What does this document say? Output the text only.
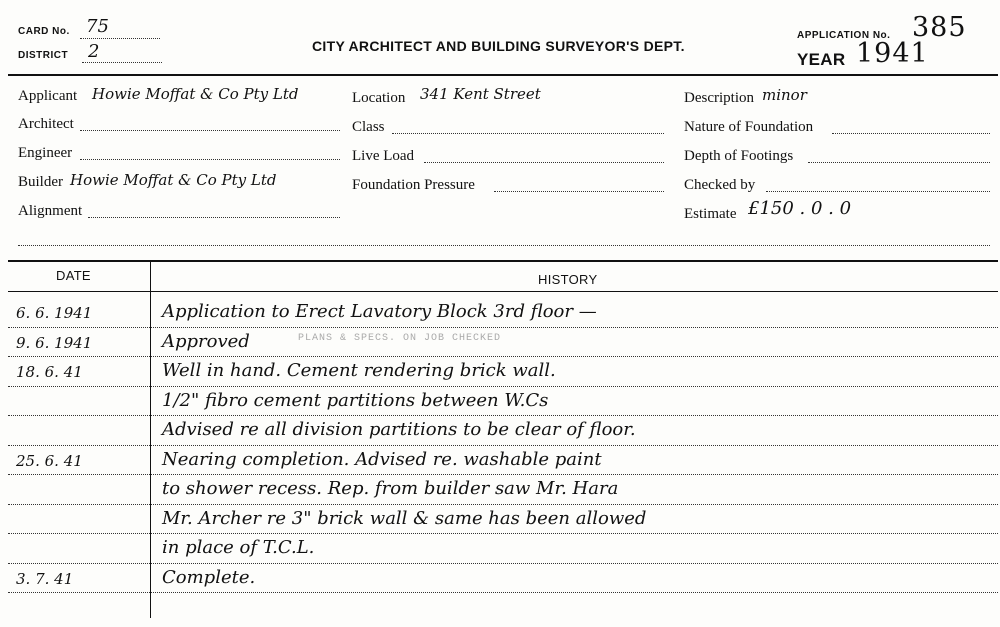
CARD No. 75
DISTRICT 2	CITY ARCHITECT AND BUILDING SURVEYOR'S DEPT.
APPLICATION No. 385
YEAR 1941
Applicant Howie Moffat & Co Pty Ltd
Architect
Engineer
Builder Howie Moffat & Co Pty Ltd
Alignment
Location 341 Kent Street
Class
Live Load
Foundation Pressure
Description minor
Nature of Foundation
Depth of Footings
Checked by
Estimate £150 . 0 . 0
DATE	HISTORY
PLANS & SPECS. ON JOB CHECKED
6. 6. 1941	Application to Erect Lavatory Block 3rd floor —
9. 6. 1941	Approved
18. 6. 41	Well in hand. Cement rendering brick wall.
1/2" fibro cement partitions between W.Cs
Advised re all division partitions to be clear of floor.
25. 6. 41	Nearing completion. Advised re. washable paint
to shower recess. Rep. from builder saw Mr. Hara
Mr. Archer re 3" brick wall & same has been allowed
in place of T.C.L.
3. 7. 41	Complete.
